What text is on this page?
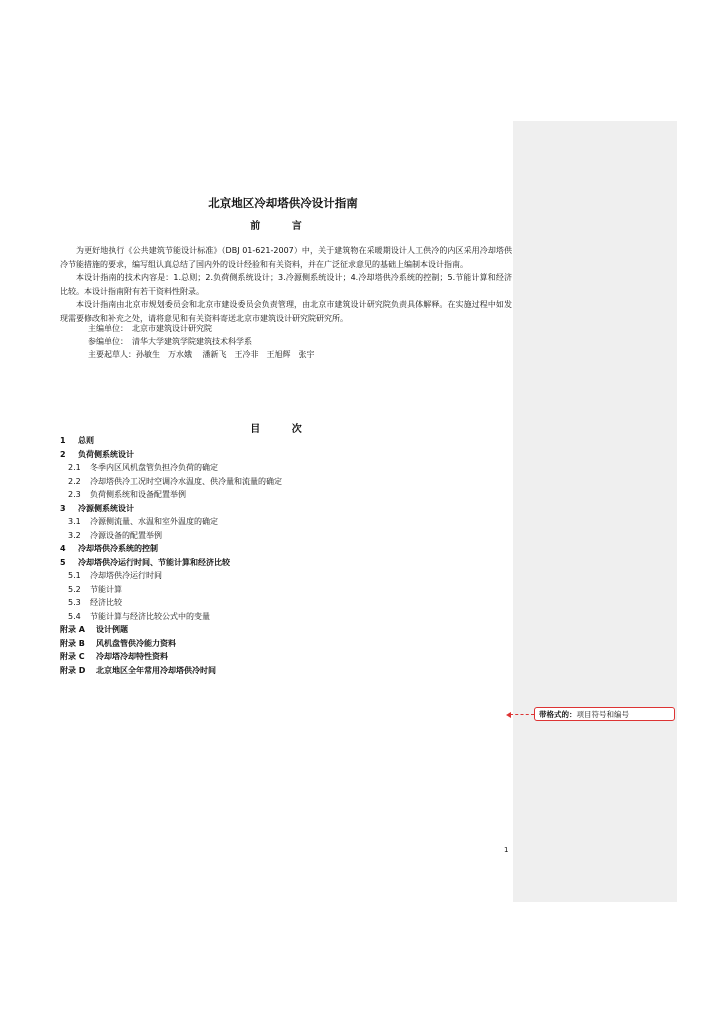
带格式的：项目符号和编号
北京地区冷却塔供冷设计指南
前 言

为更好地执行《公共建筑节能设计标准》（DBJ 01-621-2007）中，关于建筑物在采暖期设计人工供冷的内区采用冷却塔供冷节能措施的要求，编写组认真总结了国内外的设计经验和有关资料，并在广泛征求意见的基础上编制本设计指南。

本设计指南的技术内容是：1.总则；2.负荷侧系统设计；3.冷源侧系统设计；4.冷却塔供冷系统的控制；5.节能计算和经济比较。本设计指南附有若干资料性附录。

本设计指南由北京市规划委员会和北京市建设委员会负责管理，由北京市建筑设计研究院负责具体解释。在实施过程中如发现需要修改和补充之处，请将意见和有关资料寄送北京市建筑设计研究院研究所。

主编单位：　北京市建筑设计研究院
参编单位：　清华大学建筑学院建筑技术科学系
主要起草人：孙敏生　万水娥　 潘新飞　王冷非　王旭辉　张宇
目 次
1 总则
2 负荷侧系统设计
2.1 冬季内区风机盘管负担冷负荷的确定
2.2 冷却塔供冷工况时空调冷水温度、供冷量和流量的确定
2.3 负荷侧系统和设备配置举例
3 冷源侧系统设计
3.1 冷源侧流量、水温和室外温度的确定
3.2 冷源设备的配置举例
4 冷却塔供冷系统的控制
5 冷却塔供冷运行时间、节能计算和经济比较
5.1 冷却塔供冷运行时间
5.2 节能计算
5.3 经济比较
5.4 节能计算与经济比较公式中的变量
附录 A 设计例题
附录 B 风机盘管供冷能力资料
附录 C 冷却塔冷却特性资料
附录 D 北京地区全年常用冷却塔供冷时间
1
